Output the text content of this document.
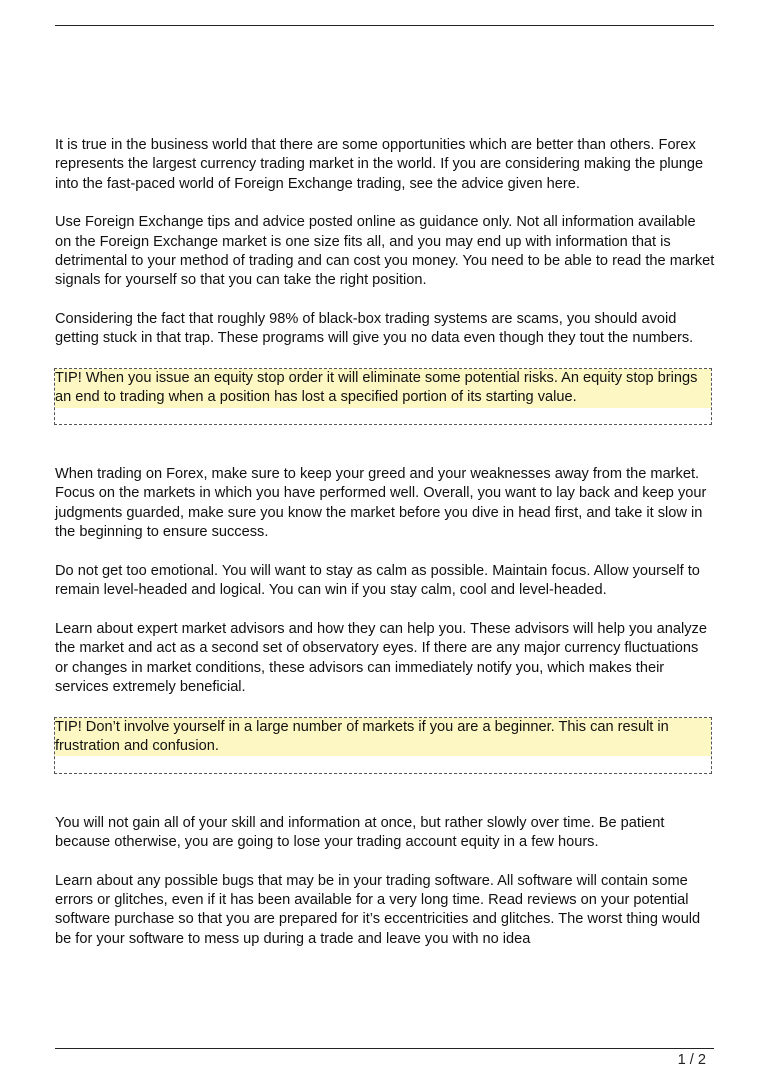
It is true in the business world that there are some opportunities which are better than others. Forex represents the largest currency trading market in the world. If you are considering making the plunge into the fast-paced world of Foreign Exchange trading, see the advice given here.

Use Foreign Exchange tips and advice posted online as guidance only. Not all information available on the Foreign Exchange market is one size fits all, and you may end up with information that is detrimental to your method of trading and can cost you money. You need to be able to read the market signals for yourself so that you can take the right position.

Considering the fact that roughly 98% of black-box trading systems are scams, you should avoid getting stuck in that trap. These programs will give you no data even though they tout the numbers.

TIP! When you issue an equity stop order it will eliminate some potential risks. An equity stop brings an end to trading when a position has lost a specified portion of its starting value.

When trading on Forex, make sure to keep your greed and your weaknesses away from the market. Focus on the markets in which you have performed well. Overall, you want to lay back and keep your judgments guarded, make sure you know the market before you dive in head first, and take it slow in the beginning to ensure success.

Do not get too emotional. You will want to stay as calm as possible. Maintain focus. Allow yourself to remain level-headed and logical. You can win if you stay calm, cool and level-headed.

Learn about expert market advisors and how they can help you. These advisors will help you analyze the market and act as a second set of observatory eyes. If there are any major currency fluctuations or changes in market conditions, these advisors can immediately notify you, which makes their services extremely beneficial.

TIP! Don’t involve yourself in a large number of markets if you are a beginner. This can result in frustration and confusion.

You will not gain all of your skill and information at once, but rather slowly over time. Be patient because otherwise, you are going to lose your trading account equity in a few hours.

Learn about any possible bugs that may be in your trading software. All software will contain some errors or glitches, even if it has been available for a very long time. Read reviews on your potential software purchase so that you are prepared for it’s eccentricities and glitches. The worst thing would be for your software to mess up during a trade and leave you with no idea

1 / 2
